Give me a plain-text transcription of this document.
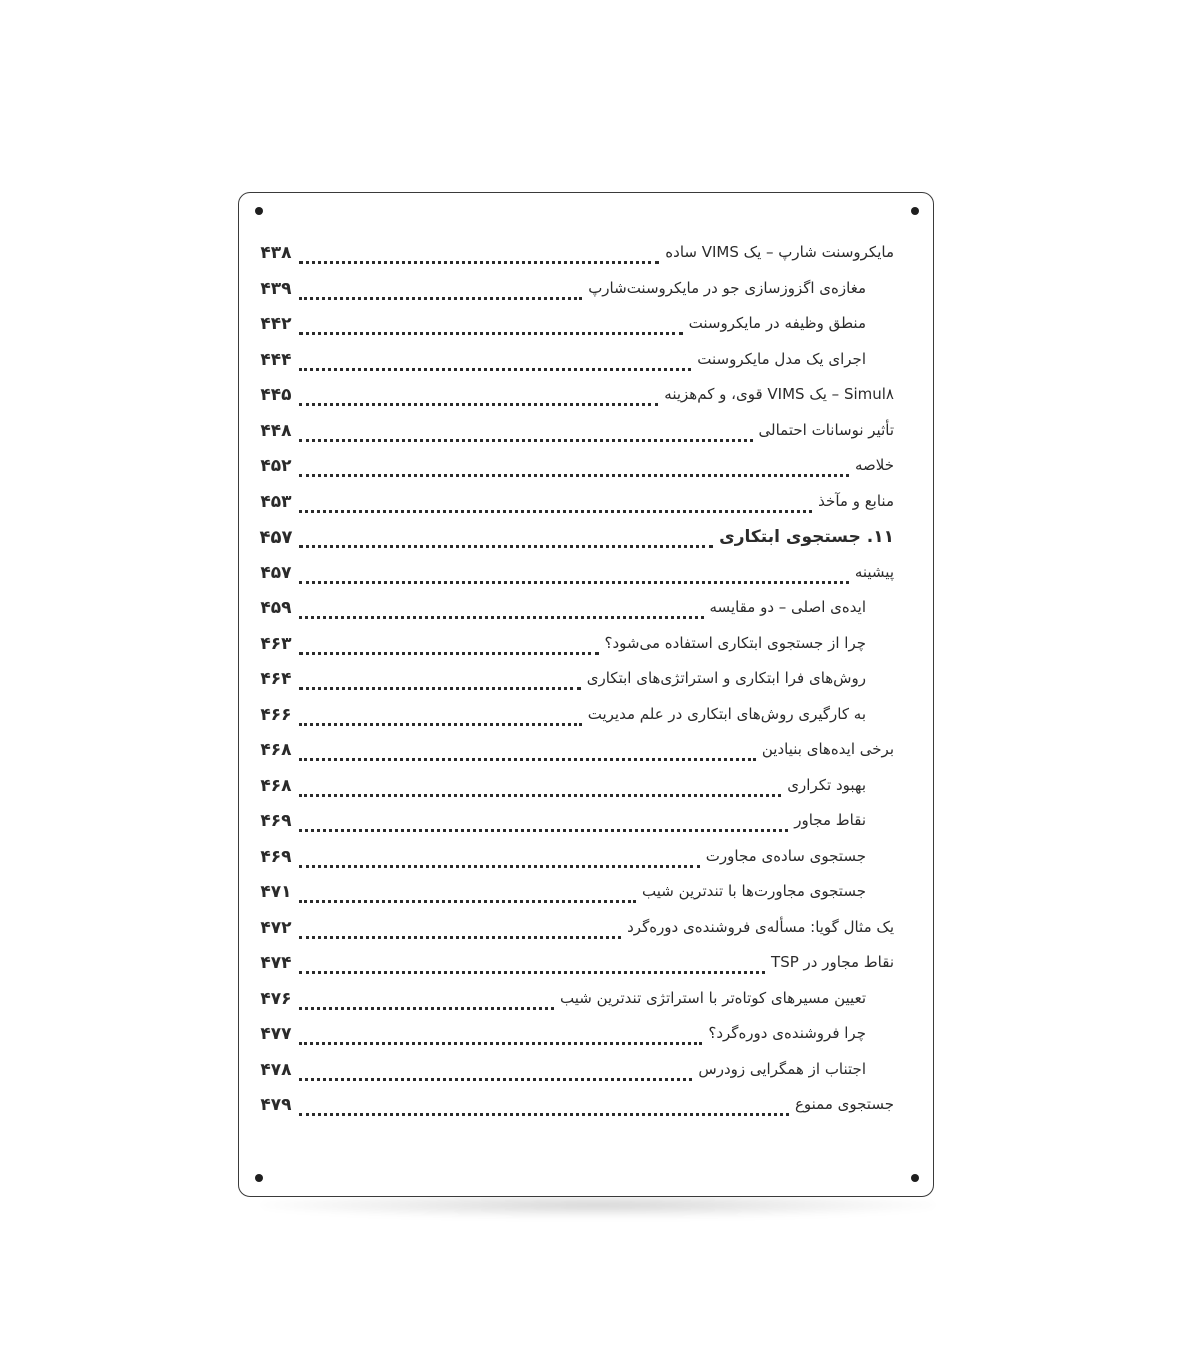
مایکروسنت شارپ – یک VIMS ساده
۴۳۸
مغازه‌ی اگزوزسازی جو در مایکروسنت‌شارپ
۴۳۹
منطق وظیفه در مایکروسنت
۴۴۲
اجرای یک مدل مایکروسنت
۴۴۴
Simul۸ – یک VIMS قوی، و کم‌هزینه
۴۴۵
تأثیر نوسانات احتمالی
۴۴۸
خلاصه
۴۵۲
منابع و مآخذ
۴۵۳
۱۱. جستجوی ابتکاری
۴۵۷
پیشینه
۴۵۷
ایده‌ی اصلی – دو مقایسه
۴۵۹
چرا از جستجوی ابتکاری استفاده می‌شود؟
۴۶۳
روش‌های فرا ابتکاری و استراتژی‌های ابتکاری
۴۶۴
به کارگیری روش‌های ابتکاری در علم مدیریت
۴۶۶
برخی ایده‌های بنیادین
۴۶۸
بهبود تکراری
۴۶۸
نقاط مجاور
۴۶۹
جستجوی ساده‌ی مجاورت
۴۶۹
جستجوی مجاورت‌ها با تندترین شیب
۴۷۱
یک مثال گویا: مسأله‌ی فروشنده‌ی دوره‌گرد
۴۷۲
نقاط مجاور در TSP
۴۷۴
تعیین مسیرهای کوتاه‌تر با استراتژی تندترین شیب
۴۷۶
چرا فروشنده‌ی دوره‌گرد؟
۴۷۷
اجتناب از همگرایی زودرس
۴۷۸
جستجوی ممنوع
۴۷۹
